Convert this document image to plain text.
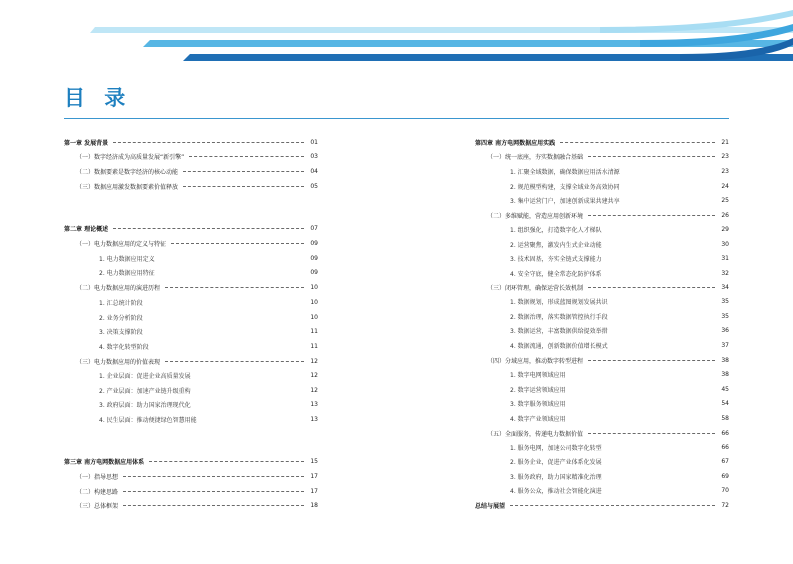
目 录
第一章 发展背景	01
（一）数字经济成为高质量发展“新引擎”	03
（二）数据要素是数字经济的核心动能	04
（三）数据应用激发数据要素价值释放	05
第二章 理论概述	07
（一）电力数据应用的定义与特征	09
1. 电力数据应用定义	09
2. 电力数据应用特征	09
（二）电力数据应用的演进历程	10
1. 汇总统计阶段	10
2. 业务分析阶段	10
3. 决策支撑阶段	11
4. 数字化转型阶段	11
（三）电力数据应用的价值表现	12
1. 企业层面：促进企业高质量发展	12
2. 产业层面：加速产业链升级重构	12
3. 政府层面：助力国家治理现代化	13
4. 民生层面：推动便捷绿色智慧用能	13
第三章 南方电网数据应用体系	15
（一）指导思想	17
（二）构建思路	17
（三）总体框架	18
第四章 南方电网数据应用实践	21
（一）统一底座，夯实数据融合基础	23
1. 汇聚全域数据，确保数据应用活水清源	23
2. 规范模型构建，支撑全域业务高效协同	24
3. 集中运营门户，加速创新成果共建共享	25
（二）多维赋能，营造应用创新环境	26
1. 组织强化，打造数字化人才梯队	29
2. 运营聚焦，激发内生式企业动能	30
3. 技术固基，夯实全链式支撑能力	31
4. 安全守底，健全常态化防护体系	32
（三）闭环管理，确保运营长效机制	34
1. 数据规划，形成蓝图规划发展共识	35
2. 数据治理，落实数据管控执行手段	35
3. 数据运营，丰富数据供给提效举措	36
4. 数据流通，创新数据价值增长模式	37
（四）分域应用，推动数字转型进程	38
1. 数字电网领域应用	38
2. 数字运营领域应用	45
3. 数字服务领域应用	54
4. 数字产业领域应用	58
（五）全面服务，传递电力数据价值	66
1. 服务电网，加速公司数字化转型	66
2. 服务企业，促进产业体系化发展	67
3. 服务政府，助力国家精准化治理	69
4. 服务公众，推动社会智能化演进	70
总结与展望	72
